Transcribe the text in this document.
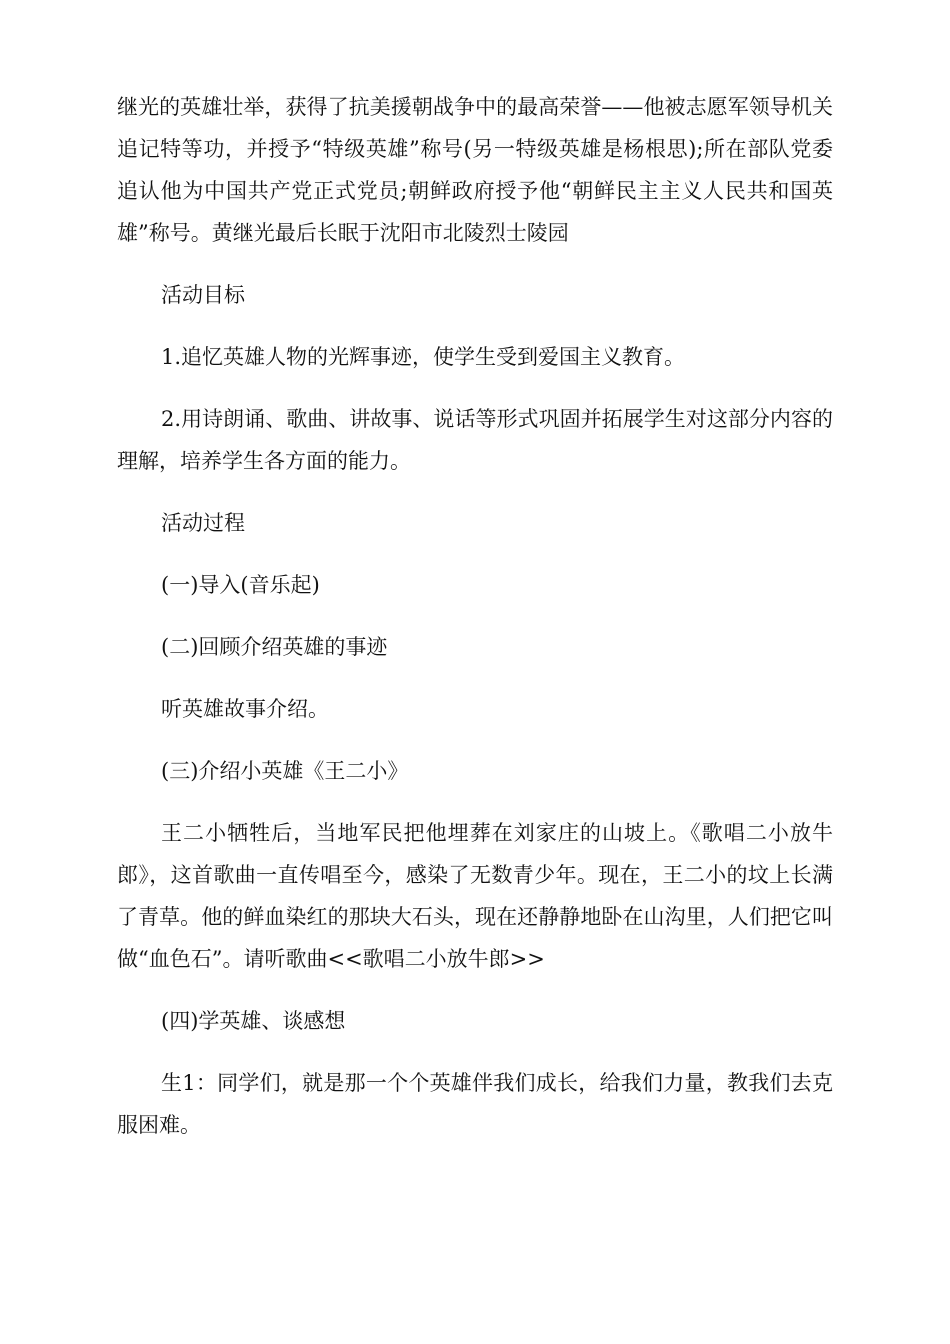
继光的英雄壮举，获得了抗美援朝战争中的最高荣誉——他被志愿军领导机关追记特等功，并授予“特级英雄”称号(另一特级英雄是杨根思);所在部队党委追认他为中国共产党正式党员;朝鲜政府授予他“朝鲜民主主义人民共和国英雄”称号。黄继光最后长眠于沈阳市北陵烈士陵园

活动目标

1.追忆英雄人物的光辉事迹，使学生受到爱国主义教育。

2.用诗朗诵、歌曲、讲故事、说话等形式巩固并拓展学生对这部分内容的理解，培养学生各方面的能力。

活动过程

(一)导入(音乐起)

(二)回顾介绍英雄的事迹

听英雄故事介绍。

(三)介绍小英雄《王二小》

王二小牺牲后，当地军民把他埋葬在刘家庄的山坡上。《歌唱二小放牛郎》，这首歌曲一直传唱至今，感染了无数青少年。现在，王二小的坟上长满了青草。他的鲜血染红的那块大石头，现在还静静地卧在山沟里，人们把它叫做“血色石”。请听歌曲<<歌唱二小放牛郎>>

(四)学英雄、谈感想

生1：同学们，就是那一个个英雄伴我们成长，给我们力量，教我们去克服困难。
